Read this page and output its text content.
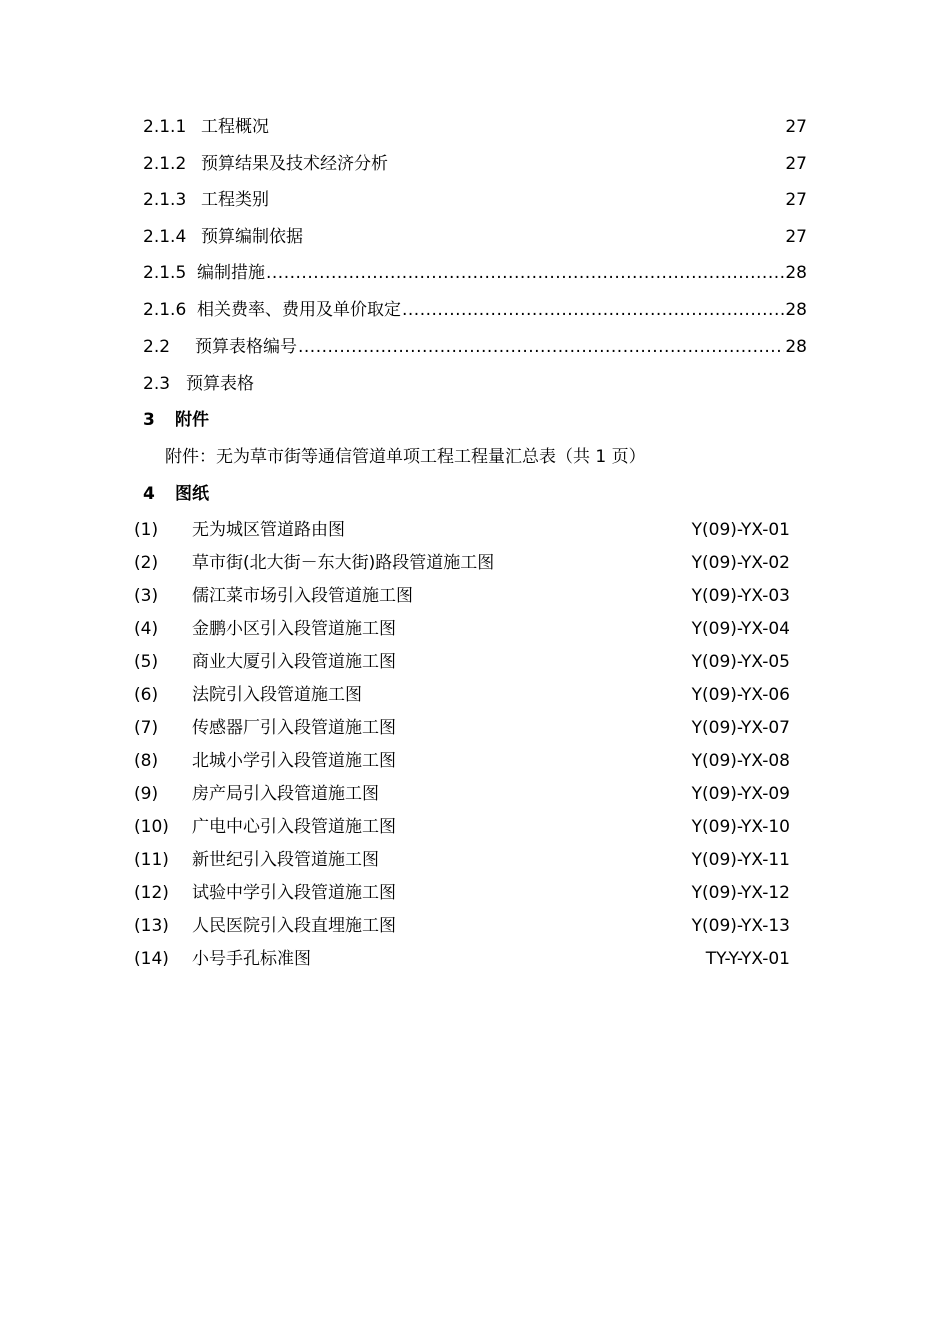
2.1.1 工程概况	27
2.1.2 预算结果及技术经济分析	27
2.1.3 工程类别	27
2.1.4 预算编制依据	27
2.1.5 编制措施 .....	28
2.1.6 相关费率、费用及单价取定 .....	28
2.2	预算表格编号 .....	28
2.3 预算表格
3 附件
附件：无为草市街等通信管道单项工程工程量汇总表（共 1 页）
4 图纸
(1) 无为城区管道路由图	Y(09)-YX-01
(2) 草市街(北大街－东大街)路段管道施工图	Y(09)-YX-02
(3) 儒江菜市场引入段管道施工图	Y(09)-YX-03
(4) 金鹏小区引入段管道施工图	Y(09)-YX-04
(5) 商业大厦引入段管道施工图	Y(09)-YX-05
(6) 法院引入段管道施工图	Y(09)-YX-06
(7) 传感器厂引入段管道施工图	Y(09)-YX-07
(8) 北城小学引入段管道施工图	Y(09)-YX-08
(9) 房产局引入段管道施工图	Y(09)-YX-09
(10) 广电中心引入段管道施工图	Y(09)-YX-10
(11) 新世纪引入段管道施工图	Y(09)-YX-11
(12) 试验中学引入段管道施工图	Y(09)-YX-12
(13) 人民医院引入段直埋施工图	Y(09)-YX-13
(14) 小号手孔标准图	TY-Y-YX-01
